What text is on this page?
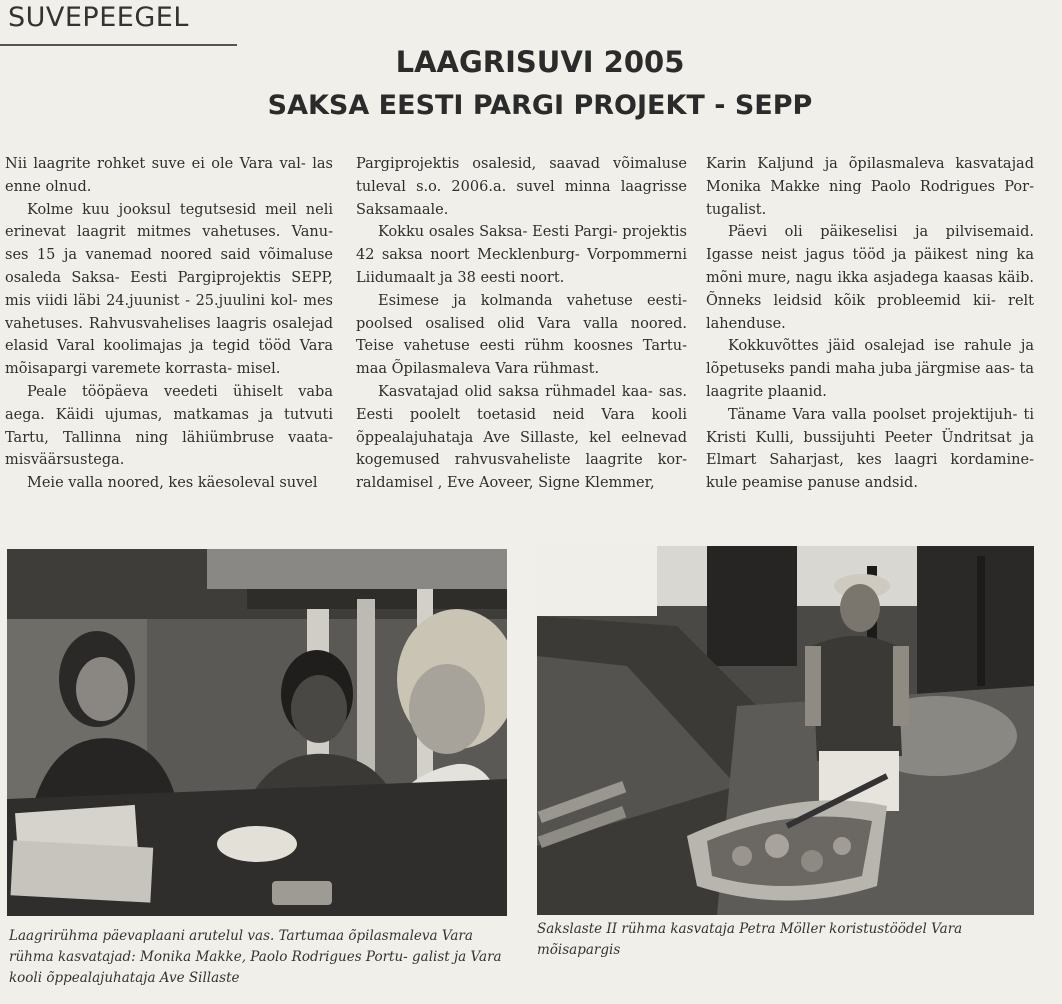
SUVEPEEGEL
LAAGRISUVI 2005
SAKSA EESTI PARGI PROJEKT - SEPP

Nii laagrite rohket suve ei ole Vara val- las enne olnud.

Kolme kuu jooksul tegutsesid meil neli erinevat laagrit mitmes vahetuses. Vanu- ses 15 ja vanemad noored said võimaluse osaleda Saksa- Eesti Pargiprojektis SEPP, mis viidi läbi 24.juunist - 25.juulini kol- mes vahetuses. Rahvusvahelises laagris osalejad elasid Varal koolimajas ja tegid tööd Vara mõisapargi varemete korrasta- misel.

Peale tööpäeva veedeti ühiselt vaba aega. Käidi ujumas, matkamas ja tutvuti Tartu, Tallinna ning lähiümbruse vaata- misväärsustega.

Meie valla noored, kes käesoleval suvel

Pargiprojektis osalesid, saavad võimaluse tuleval s.o. 2006.a. suvel minna laagrisse Saksamaale.

Kokku osales Saksa- Eesti Pargi- projektis 42 saksa noort Mecklenburg- Vorpommerni Liidumaalt ja 38 eesti noort.

Esimese ja kolmanda vahetuse eesti- poolsed osalised olid Vara valla noored. Teise vahetuse eesti rühm koosnes Tartu- maa Õpilasmaleva Vara rühmast.

Kasvatajad olid saksa rühmadel kaa- sas. Eesti poolelt toetasid neid Vara kooli õppealajuhataja Ave Sillaste, kel eelnevad kogemused rahvusvaheliste laagrite kor- raldamisel , Eve Aoveer, Signe Klemmer,

Karin Kaljund ja õpilasmaleva kasvatajad Monika Makke ning Paolo Rodrigues Por- tugalist.

Päevi oli päikeselisi ja pilvisemaid. Igasse neist jagus tööd ja päikest ning ka mõni mure, nagu ikka asjadega kaasas käib. Õnneks leidsid kõik probleemid kii- relt lahenduse.

Kokkuvõttes jäid osalejad ise rahule ja lõpetuseks pandi maha juba järgmise aas- ta laagrite plaanid.

Täname Vara valla poolset projektijuh- ti Kristi Kulli, bussijuhti Peeter Ündritsat ja Elmart Saharjast, kes laagri kordamine- kule peamise panuse andsid.

Laagrirühma päevaplaani arutelul vas. Tartumaa õpilasmaleva Vara rühma kasvatajad: Monika Makke, Paolo Rodrigues Portu- galist ja Vara kooli õppealajuhataja Ave Sillaste
Sakslaste II rühma kasvataja Petra Möller koristustöödel Vara mõisapargis
